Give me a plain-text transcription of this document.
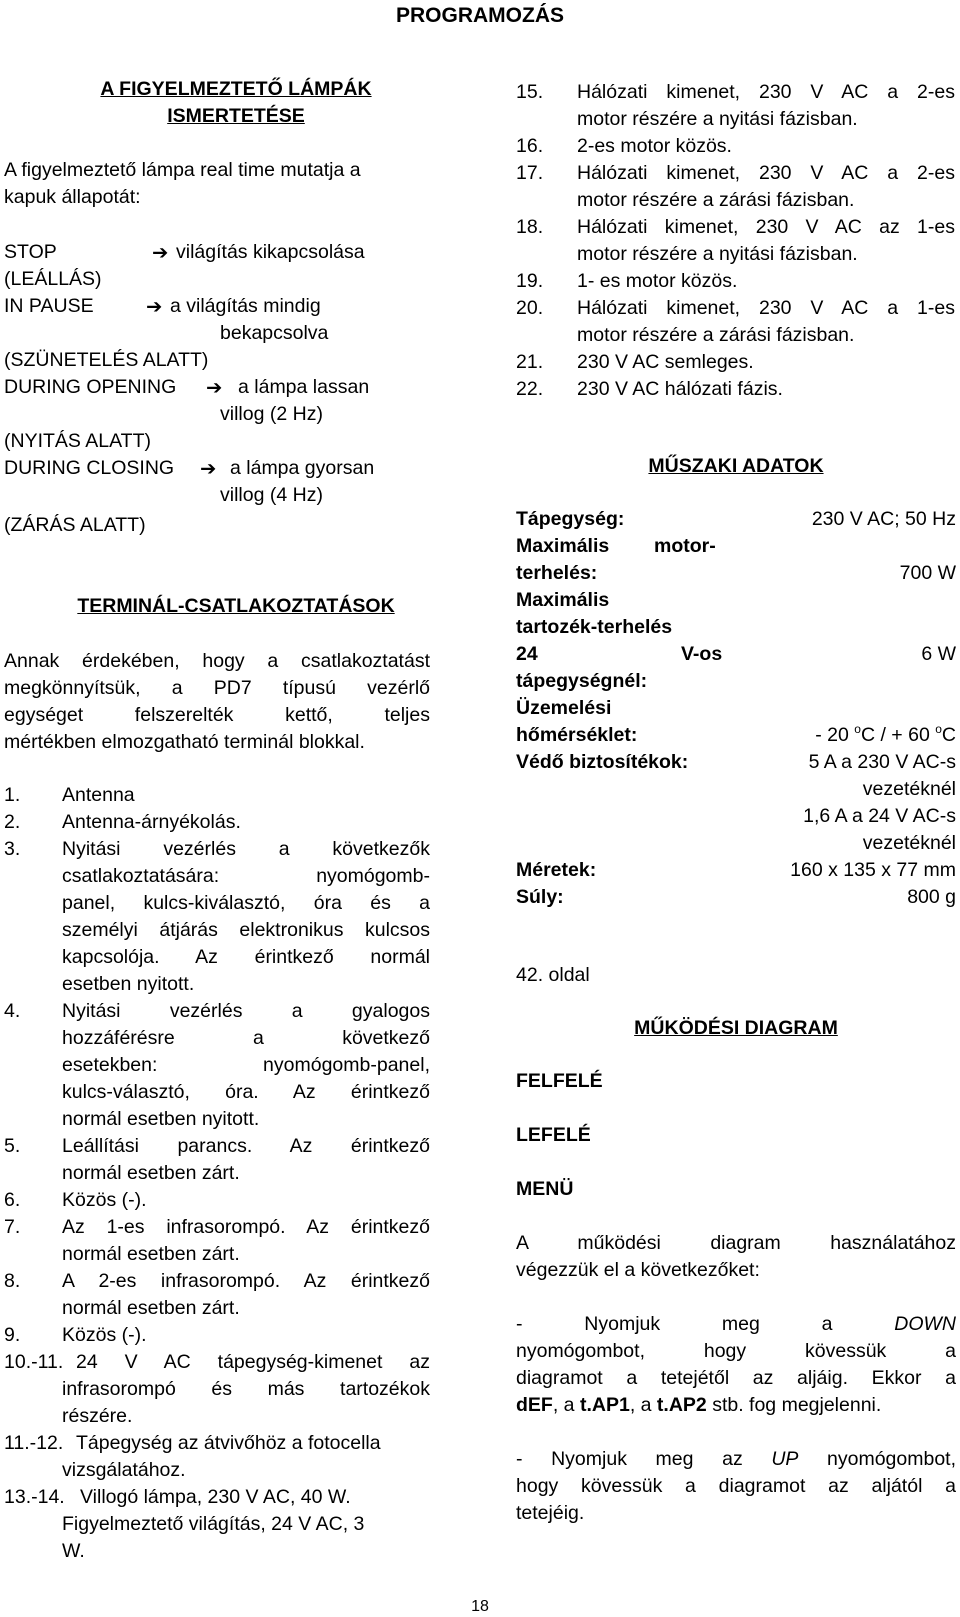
PROGRAMOZÁS
A FIGYELMEZTETŐ LÁMPÁK
ISMERTETÉSE
A figyelmeztető lámpa real time mutatja a
kapuk állapotát:
STOP	➔ világítás kikapcsolása
(LEÁLLÁS)
IN PAUSE	➔ a világítás mindig
bekapcsolva
(SZÜNETELÉS ALATT)
DURING OPENING ➔ a lámpa lassan
villog (2 Hz)
(NYITÁS ALATT)
DURING CLOSING ➔ a lámpa gyorsan
villog (4 Hz)
(ZÁRÁS ALATT)
TERMINÁL-CSATLAKOZTATÁSOK
Annak érdekében, hogy a csatlakoztatást
megkönnyítsük, a PD7 típusú vezérlő
egységet felszerelték kettő, teljes
mértékben elmozgatható terminál blokkal.
1. Antenna
2. Antenna-árnyékolás.
3. Nyitási vezérlés a következők
csatlakoztatására: nyomógomb-
panel, kulcs-kiválasztó, óra és a
személyi átjárás elektronikus kulcsos
kapcsolója. Az érintkező normál
esetben nyitott.
4. Nyitási vezérlés a gyalogos
hozzáférésre a következő
esetekben: nyomógomb-panel,
kulcs-választó, óra. Az érintkező
normál esetben nyitott.
5. Leállítási parancs. Az érintkező
normál esetben zárt.
6. Közös (-).
7. Az 1-es infrasorompó. Az érintkező
normál esetben zárt.
8. A 2-es infrasorompó. Az érintkező
normál esetben zárt.
9. Közös (-).
10.-11. 24 V AC tápegység-kimenet az
infrasorompó és más tartozékok
részére.
11.-12. Tápegység az átvivőhöz a fotocella
vizsgálatához.
13.-14. Villogó lámpa, 230 V AC, 40 W.
Figyelmeztető világítás, 24 V AC, 3
W.
15. Hálózati kimenet, 230 V AC a 2-es
motor részére a nyitási fázisban.
16. 2-es motor közös.
17. Hálózati kimenet, 230 V AC a 2-es
motor részére a zárási fázisban.
18. Hálózati kimenet, 230 V AC az 1-es
motor részére a nyitási fázisban.
19. 1- es motor közös.
20. Hálózati kimenet, 230 V AC a 1-es
motor részére a zárási fázisban.
21. 230 V AC semleges.
22. 230 V AC hálózati fázis.
MŰSZAKI ADATOK
Tápegység:	230 V AC; 50 Hz
Maximális motor-
terhelés:	700 W
Maximális
tartozék-terhelés
24	V-os	6 W
tápegységnél:
Üzemelési
hőmérséklet:	- 20 $^o$C / + 60 $^o$C
Védő biztosítékok:	5 A a 230 V AC-s
vezetéknél
1,6 A a 24 V AC-s
vezetéknél
Méretek:	160 x 135 x 77 mm
Súly:	800 g
42. oldal
MŰKÖDÉSI DIAGRAM
FELFELÉ
LEFELÉ
MENÜ
A működési diagram használatához
végezzük el a következőket:
- Nyomjuk meg a DOWN
nyomógombot, hogy kövessük a
diagramot a tetejétől az aljáig. Ekkor a
dEF, a t.AP1, a t.AP2 stb. fog megjelenni.
- Nyomjuk meg az UP nyomógombot,
hogy kövessük a diagramot az aljától a
tetejéig.
18
